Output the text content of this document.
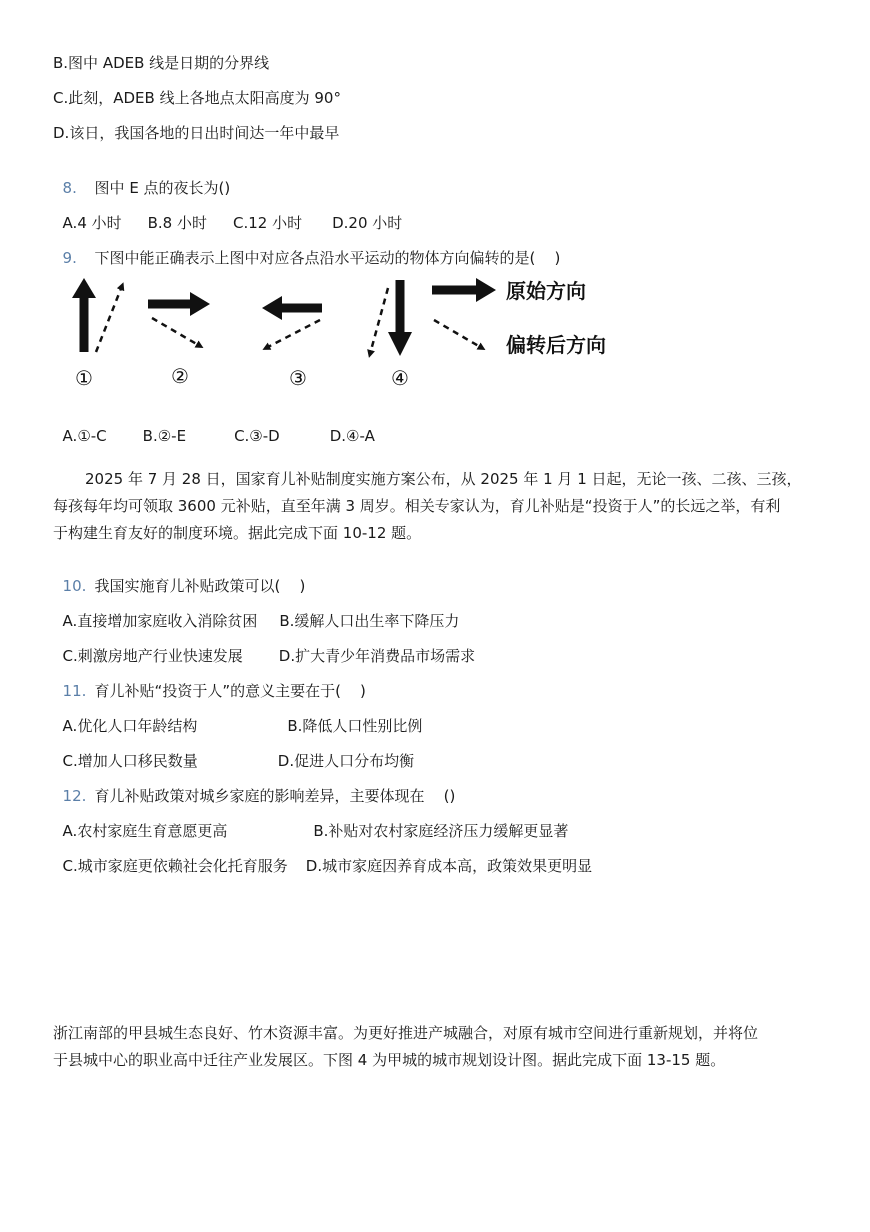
B.图中 ADEB 线是日期的分界线
C.此刻，ADEB 线上各地点太阳高度为 90°
D.该日，我国各地的日出时间达一年中最早

8. 图中 E 点的夜长为()

A.4 小时 B.8 小时 C.12 小时 D.20 小时

9. 下图中能正确表示上图中对应各点沿水平运动的物体方向偏转的是(    )

原始方向
偏转后方向
①	②	③	④

A.①-C B.②-E	C.③-D	D.④-A

2025 年 7 月 28 日，国家育儿补贴制度实施方案公布，从 2025 年 1 月 1 日起，无论一孩、二孩、三孩，
每孩每年均可领取 3600 元补贴，直至年满 3 周岁。相关专家认为，育儿补贴是“投资于人”的长远之举，有利
于构建生育友好的制度环境。据此完成下面 10-12 题。

10. 我国实施育儿补贴政策可以(    )

A.直接增加家庭收入消除贫困 B.缓解人口出生率下降压力

C.刺激房地产行业快速发展 D.扩大青少年消费品市场需求

11. 育儿补贴“投资于人”的意义主要在于(    )

A.优化人口年龄结构	B.降低人口性别比例

C.增加人口移民数量	D.促进人口分布均衡

12. 育儿补贴政策对城乡家庭的影响差异，主要体现在    ()

A.农村家庭生育意愿更高	B.补贴对农村家庭经济压力缓解更显著

C.城市家庭更依赖社会化托育服务 D.城市家庭因养育成本高，政策效果更明显

浙江南部的甲县城生态良好、竹木资源丰富。为更好推进产城融合，对原有城市空间进行重新规划，并将位
于县城中心的职业高中迁往产业发展区。下图 4 为甲城的城市规划设计图。据此完成下面 13-15 题。
